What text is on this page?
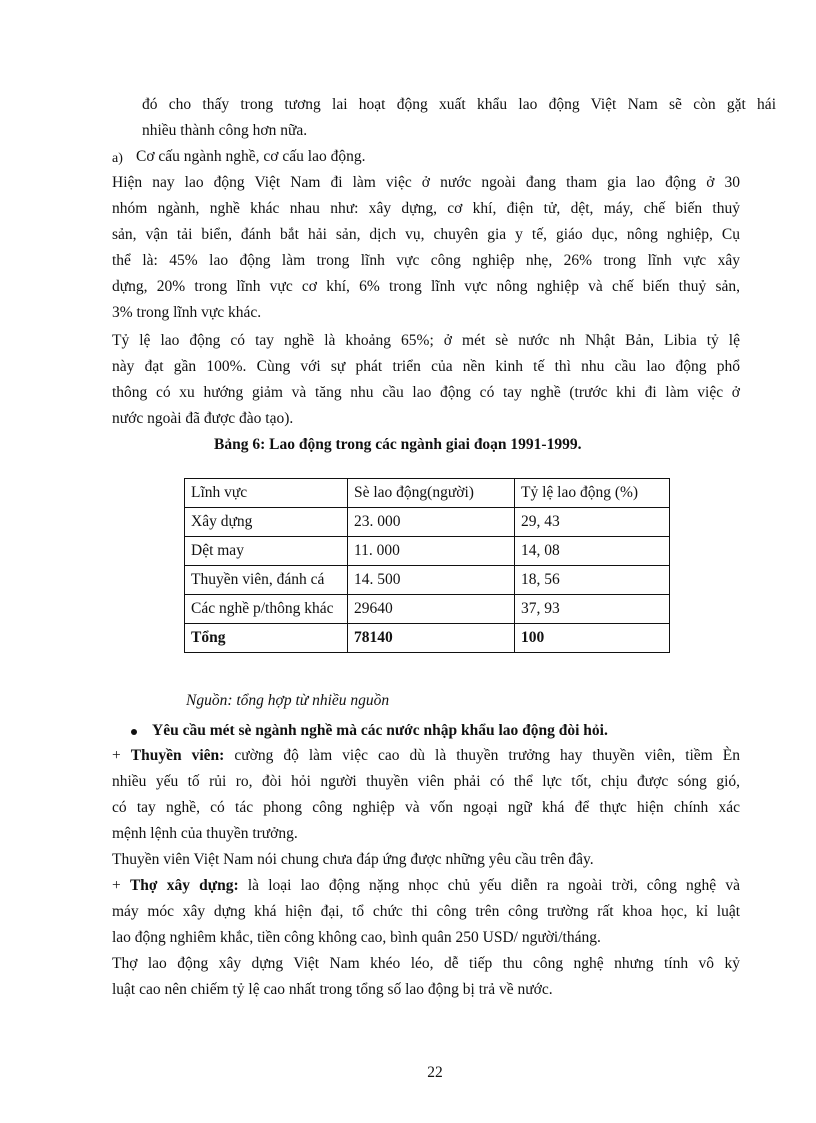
đó cho thấy trong tương lai hoạt động xuất khẩu lao động Việt Nam sẽ còn gặt hái
nhiều thành công hơn nữa.
a) Cơ cấu ngành nghề, cơ cấu lao động.
Hiện nay lao động Việt Nam đi làm việc ở nước ngoài đang tham gia lao động ở 30
nhóm ngành, nghề khác nhau như: xây dựng, cơ khí, điện tử, dệt, máy, chế biến thuỷ
sản, vận tải biển, đánh bắt hải sản, dịch vụ, chuyên gia y tế, giáo dục, nông nghiệp, Cụ
thể là: 45% lao động làm trong lĩnh vực công nghiệp nhẹ, 26% trong lĩnh vực xây
dựng, 20% trong lĩnh vực cơ khí, 6% trong lĩnh vực nông nghiệp và chế biến thuỷ sản,
3% trong lĩnh vực khác.
Tỷ lệ lao động có tay nghề là khoảng 65%; ở mét sè nước nh Nhật Bản, Libia tỷ lệ
này đạt gần 100%. Cùng với sự phát triển của nền kinh tế thì nhu cầu lao động phổ
thông có xu hướng giảm và tăng nhu cầu lao động có tay nghề (trước khi đi làm việc ở
nước ngoài đã được đào tạo).
Bảng 6: Lao động trong các ngành giai đoạn 1991-1999.
Lĩnh vực	Sè lao động(người)	Tỷ lệ lao động (%)
Xây dựng	23. 000	29, 43
Dệt may	11. 000	14, 08
Thuyền viên, đánh cá	14. 500	18, 56
Các nghề p/thông khác	29640	37, 93
Tổng	78140	100
Nguồn: tổng hợp từ nhiều nguồn
Yêu cầu mét sè ngành nghề mà các nước nhập khẩu lao động đòi hỏi.
+ Thuyền viên: cường độ làm việc cao dù là thuyền trưởng hay thuyền viên, tiềm Èn
nhiều yếu tố rủi ro, đòi hỏi người thuyền viên phải có thể lực tốt, chịu được sóng gió,
có tay nghề, có tác phong công nghiệp và vốn ngoại ngữ khá để thực hiện chính xác
mệnh lệnh của thuyền trưởng.
Thuyền viên Việt Nam nói chung chưa đáp ứng được những yêu cầu trên đây.
+ Thợ xây dựng: là loại lao động nặng nhọc chủ yếu diễn ra ngoài trời, công nghệ và
máy móc xây dựng khá hiện đại, tổ chức thi công trên công trường rất khoa học, kỉ luật
lao động nghiêm khắc, tiền công không cao, bình quân 250 USD/ người/tháng.
Thợ lao động xây dựng Việt Nam khéo léo, dễ tiếp thu công nghệ nhưng tính vô kỷ
luật cao nên chiếm tỷ lệ cao nhất trong tổng số lao động bị trả về nước.
22
